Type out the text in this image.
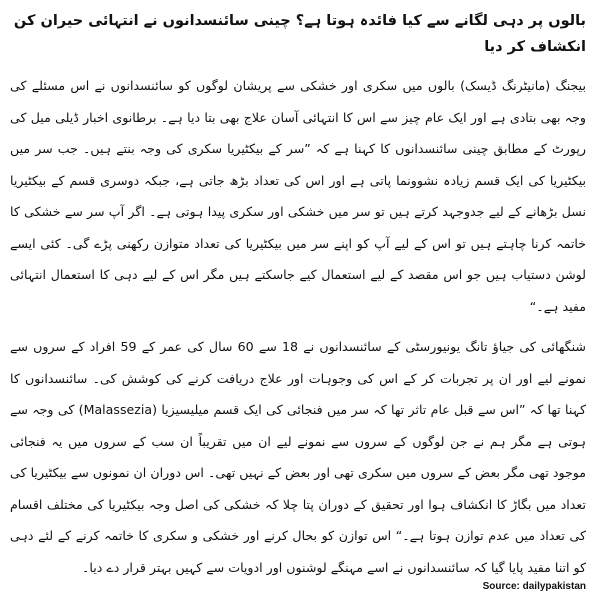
بالوں پر دہی لگانے سے کیا فائدہ ہوتا ہے؟ چینی سائنسدانوں نے انتہائی حیران کن انکشاف کر دیا

بیجنگ (مانیٹرنگ ڈیسک) بالوں میں سکری اور خشکی سے پریشان لوگوں کو سائنسدانوں نے اس مسئلے کی وجہ بھی بتادی ہے اور ایک عام چیز سے اس کا انتہائی آسان علاج بھی بتا دیا ہے۔ برطانوی اخبار ڈیلی میل کی رپورٹ کے مطابق چینی سائنسدانوں کا کہنا ہے کہ ”سر کے بیکٹیریا سکری کی وجہ بنتے ہیں۔ جب سر میں بیکٹیریا کی ایک قسم زیادہ نشوونما پاتی ہے اور اس کی تعداد بڑھ جاتی ہے، جبکہ دوسری قسم کے بیکٹیریا نسل بڑھانے کے لیے جدوجہد کرتے ہیں تو سر میں خشکی اور سکری پیدا ہوتی ہے۔ اگر آپ سر سے خشکی کا خاتمہ کرنا چاہتے ہیں تو اس کے لیے آپ کو اپنے سر میں بیکٹیریا کی تعداد متوازن رکھنی پڑے گی۔ کئی ایسے لوشن دستیاب ہیں جو اس مقصد کے لیے استعمال کیے جاسکتے ہیں مگر اس کے لیے دہی کا استعمال انتہائی مفید ہے۔“

شنگھائی کی جیاؤ تانگ یونیورسٹی کے سائنسدانوں نے 18 سے 60 سال کی عمر کے 59 افراد کے سروں سے نمونے لیے اور ان پر تجربات کر کے اس کی وجوہات اور علاج دریافت کرنے کی کوشش کی۔ سائنسدانوں کا کہنا تھا کہ ”اس سے قبل عام تاثر تھا کہ سر میں فنجائی کی ایک قسم میلیسیزیا (Malassezia) کی وجہ سے ہوتی ہے مگر ہم نے جن لوگوں کے سروں سے نمونے لیے ان میں تقریباً ان سب کے سروں میں یہ فنجائی موجود تھی مگر بعض کے سروں میں سکری تھی اور بعض کے نہیں تھی۔ اس دوران ان نمونوں سے بیکٹیریا کی تعداد میں بگاڑ کا انکشاف ہوا اور تحقیق کے دوران پتا چلا کہ خشکی کی اصل وجہ بیکٹیریا کی مختلف اقسام کی تعداد میں عدم توازن ہوتا ہے۔“ اس توازن کو بحال کرنے اور خشکی و سکری کا خاتمہ کرنے کے لئے دہی کو اتنا مفید پایا گیا کہ سائنسدانوں نے اسے مہنگے لوشنوں اور ادویات سے کہیں بہتر قرار دے دیا۔

Source: dailypakistan
